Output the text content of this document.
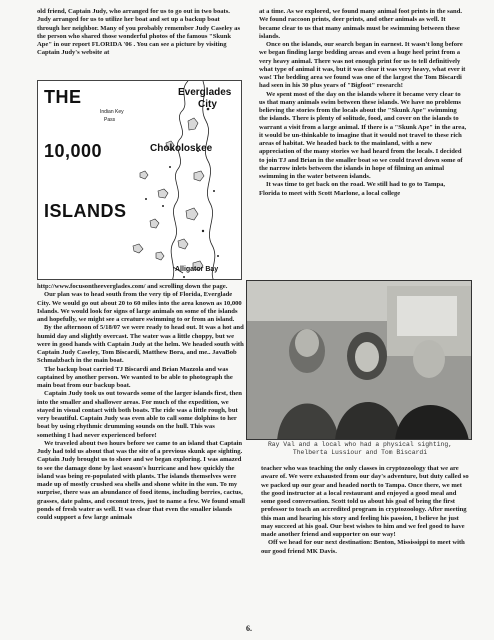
old friend, Captain Judy, who arranged for us to go out in two boats. Judy arranged for us to utilize her boat and set up a backup boat through her neighbor. Many of you probably remember Judy Caseley as the person who shared those wonderful photos of the famous "Skunk Ape" in our report FLORIDA '06 . You can see a picture by visiting Captain Judy's website at

THE
Indian Key
Pass
Everglades
City
10,000	Chokoloskee
ISLANDS
Alligator Bay

http://www.focusontheeverglades.com/ and scrolling down the page.

Our plan was to head south from the very tip of Florida, Everglade City. We would go out about 20 to 60 miles into the area known as 10,000 Islands. We would look for signs of large animals on some of the islands and hopefully, we might see a creature swimming to or from an island.

By the afternoon of 5/18/07 we were ready to head out. It was a hot and humid day and slightly overcast. The water was a little choppy, but we were in good hands with Captain Judy at the helm. We headed south with Captain Judy Caseley, Tom Biscardi, Matthew Bora, and me.. JavaBob Schmalzbach in the main boat.

The backup boat carried TJ Biscardi and Brian Mazzola and was captained by another person. We wanted to be able to photograph the main boat from our backup boat.

Captain Judy took us out towards some of the larger islands first, then into the smaller and shallower areas. For much of the expedition, we stayed in visual contact with both boats. The ride was a little rough, but very beautiful. Captain Judy was even able to call some dolphins to her boat by using rhythmic drumming sounds on the hull. This was something I had never experienced before!

We traveled about two hours before we came to an island that Captain Judy had told us about that was the site of a previous skunk ape sighting. Captain Judy brought us to shore and we began exploring. I was amazed to see the damage done by last season's hurricane and how quickly the island was being re-populated with plants. The islands themselves were made up of mostly crushed sea shells and shone white in the sun. To my surprise, there was an abundance of food items, including berries, cactus, grasses, date palms, and coconut trees, just to name a few. We found small ponds of fresh water as well. It was clear that even the smaller islands could support a few large animals

at a time. As we explored, we found many animal foot prints in the sand. We found raccoon prints, deer prints, and other animals as well. It became clear to us that many animals must be swimming between these islands.

Once on the islands, our search began in earnest. It wasn't long before we began finding large bedding areas and even a huge heel print from a very heavy animal. There was not enough print for us to tell definitively what type of animal it was, but it was clear it was very heavy, what ever it was! The bedding area we found was one of the largest the Tom Biscardi had seen in his 30 plus years of "Bigfoot" research!

We spent most of the day on the islands where it became very clear to us that many animals swim between these islands. We have no problems believing the stories from the locals about the "Skunk Ape" swimming the islands. There is plenty of solitude, food, and cover on the islands to warrant a visit from a large animal. If there is a "Skunk Ape" in the area, it would be un-thinkable to imagine that it would not travel to these rich areas of habitat. We headed back to the mainland, with a new appreciation of the many stories we had heard from the locals. I decided to join TJ and Brian in the smaller boat so we could travel down some of the narrow inlets between the islands in hope of filming an animal swimming in the water between islands.

It was time to get back on the road. We still had to go to Tampa, Florida to meet with Scott Marlone, a local college

Ray Val and a local who had a physical sighting,
Thelberta Lussiour and Tom Biscardi

teacher who was teaching the only classes in cryptozoology that we are aware of. We were exhausted from our day's adventure, but duty called so we packed up our gear and headed north to Tampa. Once there, we met the good instructor at a local restaurant and enjoyed a good meal and some good conversation. Scott told us about his goal of being the first professor to teach an accredited program in cryptozoology. After meeting this man and hearing his story and feeling his passion, I believe he just may succeed at his goal. Our best wishes to him and we feel good to have made another friend and supporter on our way!

Off we head for our next destination: Benton, Mississippi to meet with our good friend MK Davis.

6.
